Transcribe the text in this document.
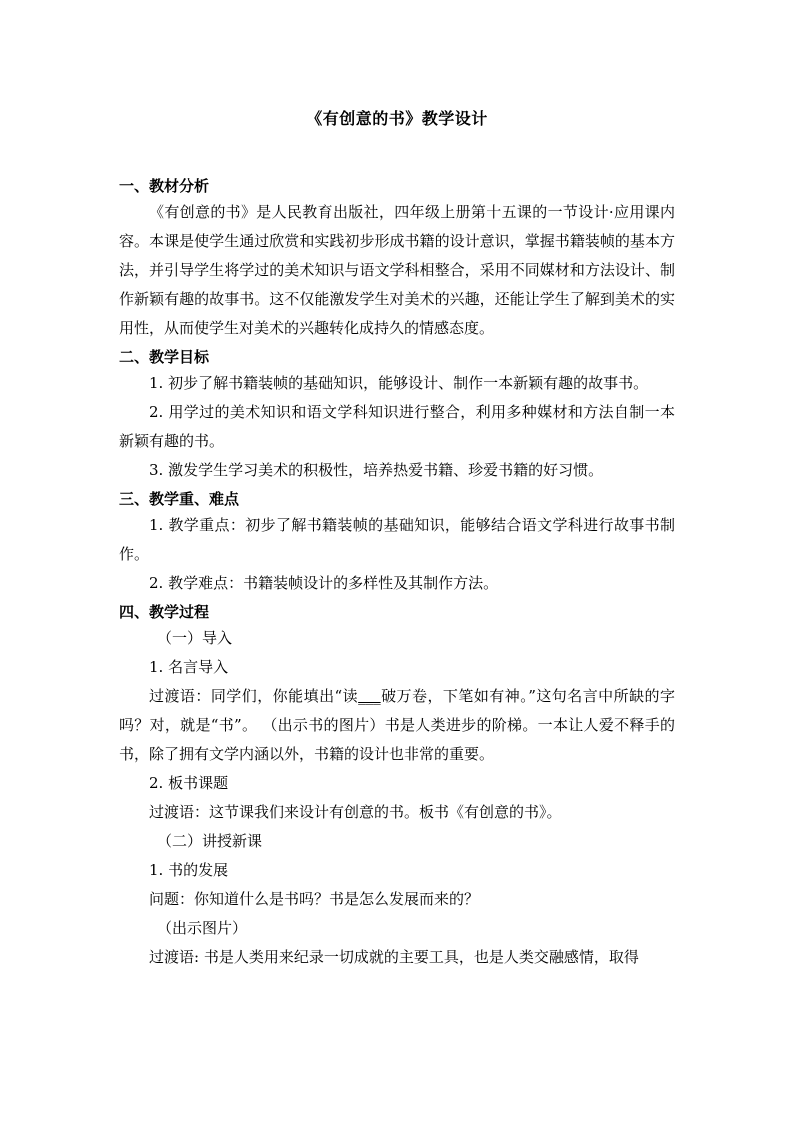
《有创意的书》教学设计
一、教材分析

《有创意的书》是人民教育出版社，四年级上册第十五课的一节设计·应用课内容。本课是使学生通过欣赏和实践初步形成书籍的设计意识，掌握书籍装帧的基本方法，并引导学生将学过的美术知识与语文学科相整合，采用不同媒材和方法设计、制作新颖有趣的故事书。这不仅能激发学生对美术的兴趣，还能让学生了解到美术的实用性，从而使学生对美术的兴趣转化成持久的情感态度。

二、教学目标

1. 初步了解书籍装帧的基础知识，能够设计、制作一本新颖有趣的故事书。

2. 用学过的美术知识和语文学科知识进行整合，利用多种媒材和方法自制一本新颖有趣的书。

3. 激发学生学习美术的积极性，培养热爱书籍、珍爱书籍的好习惯。

三、教学重、难点

1. 教学重点：初步了解书籍装帧的基础知识，能够结合语文学科进行故事书制作。

2. 教学难点：书籍装帧设计的多样性及其制作方法。

四、教学过程

（一）导入

1. 名言导入

过渡语：同学们，你能填出“读___破万卷，下笔如有神。”这句名言中所缺的字吗？对，就是“书”。 （出示书的图片）书是人类进步的阶梯。一本让人爱不释手的书，除了拥有文学内涵以外，书籍的设计也非常的重要。

2. 板书课题

过渡语：这节课我们来设计有创意的书。板书《有创意的书》。

（二）讲授新课

1. 书的发展

问题：你知道什么是书吗？书是怎么发展而来的？

（出示图片）

过渡语: 书是人类用来纪录一切成就的主要工具，也是人类交融感情，取得
